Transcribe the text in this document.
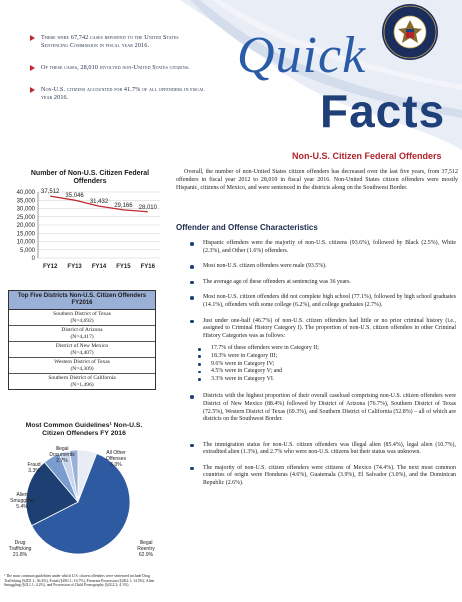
There were 67,742 cases reported to the United States Sentencing Commission in fiscal year 2016.
Of these cases, 28,010 involved non-United States citizens.
Non-U.S. citizens accounted for 41.7% of all offenders in fiscal year 2016.
Quick
Facts
Non-U.S. Citizen Federal Offenders
Number of Non-U.S. Citizen Federal Offenders
0
5,000
10,000
15,000
20,000
25,000
30,000
35,000
40,000 37,512
FY12
35,046
FY13
31,432
FY14
29,166
FY15
28,010
FY16
Top Five Districts Non-U.S. Citizen Offenders FY2016
Southern District of Texas
(N=4,692)
District of Arizona
(N=4,417)
District of New Mexico
(N=4,407)
Western District of Texas
(N=4,309)
Southern District of California
(N=1,496)
Most Common Guidelines¹ Non-U.S. Citizen Offenders FY 2016
All Other
Offenses
6.0%
Illegal
Reentry
62.9%
Drug
Trafficking
21.8%
Alien
Smuggling
5.4%
Fraud
3.3%
Illegal
Documents
2.7%
¹ The most common guidelines under which U.S. citizen offenders were sentenced include Drug Trafficking (§2D1.1; 36.4%), Fraud (§2B1.1; 16.7%), Firearms Possession (§2K2.1; 14.5%), Alien Smuggling (§2L1.1; 4.2%), and Possession of Child Pornography (§2G2.2; 4.1%).
Overall, the number of non-United States citizen offenders has decreased over the last five years, from 37,512 offenders in fiscal year 2012 to 28,010 in fiscal year 2016. Non-United States citizen offenders were mostly Hispanic, citizens of Mexico, and were sentenced in the districts along on the Southwest Border.
Offender and Offense Characteristics
Hispanic offenders were the majority of non-U.S. citizens (93.6%), followed by Black (2.5%), White (2.3%), and Other (1.6%) offenders.
Most non-U.S. citizen offenders were male (93.5%).
The average age of these offenders at sentencing was 36 years.
Most non-U.S. citizen offenders did not complete high school (77.1%), followed by high school graduates (14.1%), offenders with some college (6.2%), and college graduates (2.7%).
Just under one-half (46.7%) of non-U.S. citizen offenders had little or no prior criminal history (i.e., assigned to Criminal History Category I). The proportion of non-U.S. citizen offenders in other Criminal History Categories was as follows:
17.7% of these offenders were in Category II;
18.3% were in Category III;
9.6% were in Category IV;
4.5% were in Category V; and
3.3% were in Category VI.
Districts with the highest proportion of their overall caseload comprising non-U.S. citizen offenders were District of New Mexico (88.4%) followed by District of Arizona (76.7%), Southern District of Texas (72.5%), Western District of Texas (69.3%), and Southern District of California (52.8%) – all of which are districts on the Southwest Border.
The immigration status for non-U.S. citizen offenders was illegal alien (85.4%), legal alien (10.7%), extradited alien (1.3%), and 2.7% who were non-U.S. citizens but their status was unknown.
The majority of non-U.S. citizen offenders were citizens of Mexico (74.4%). The next most common countries of origin were Honduras (4.6%), Guatemala (3.9%), El Salvador (3.0%), and the Dominican Republic (2.6%).
